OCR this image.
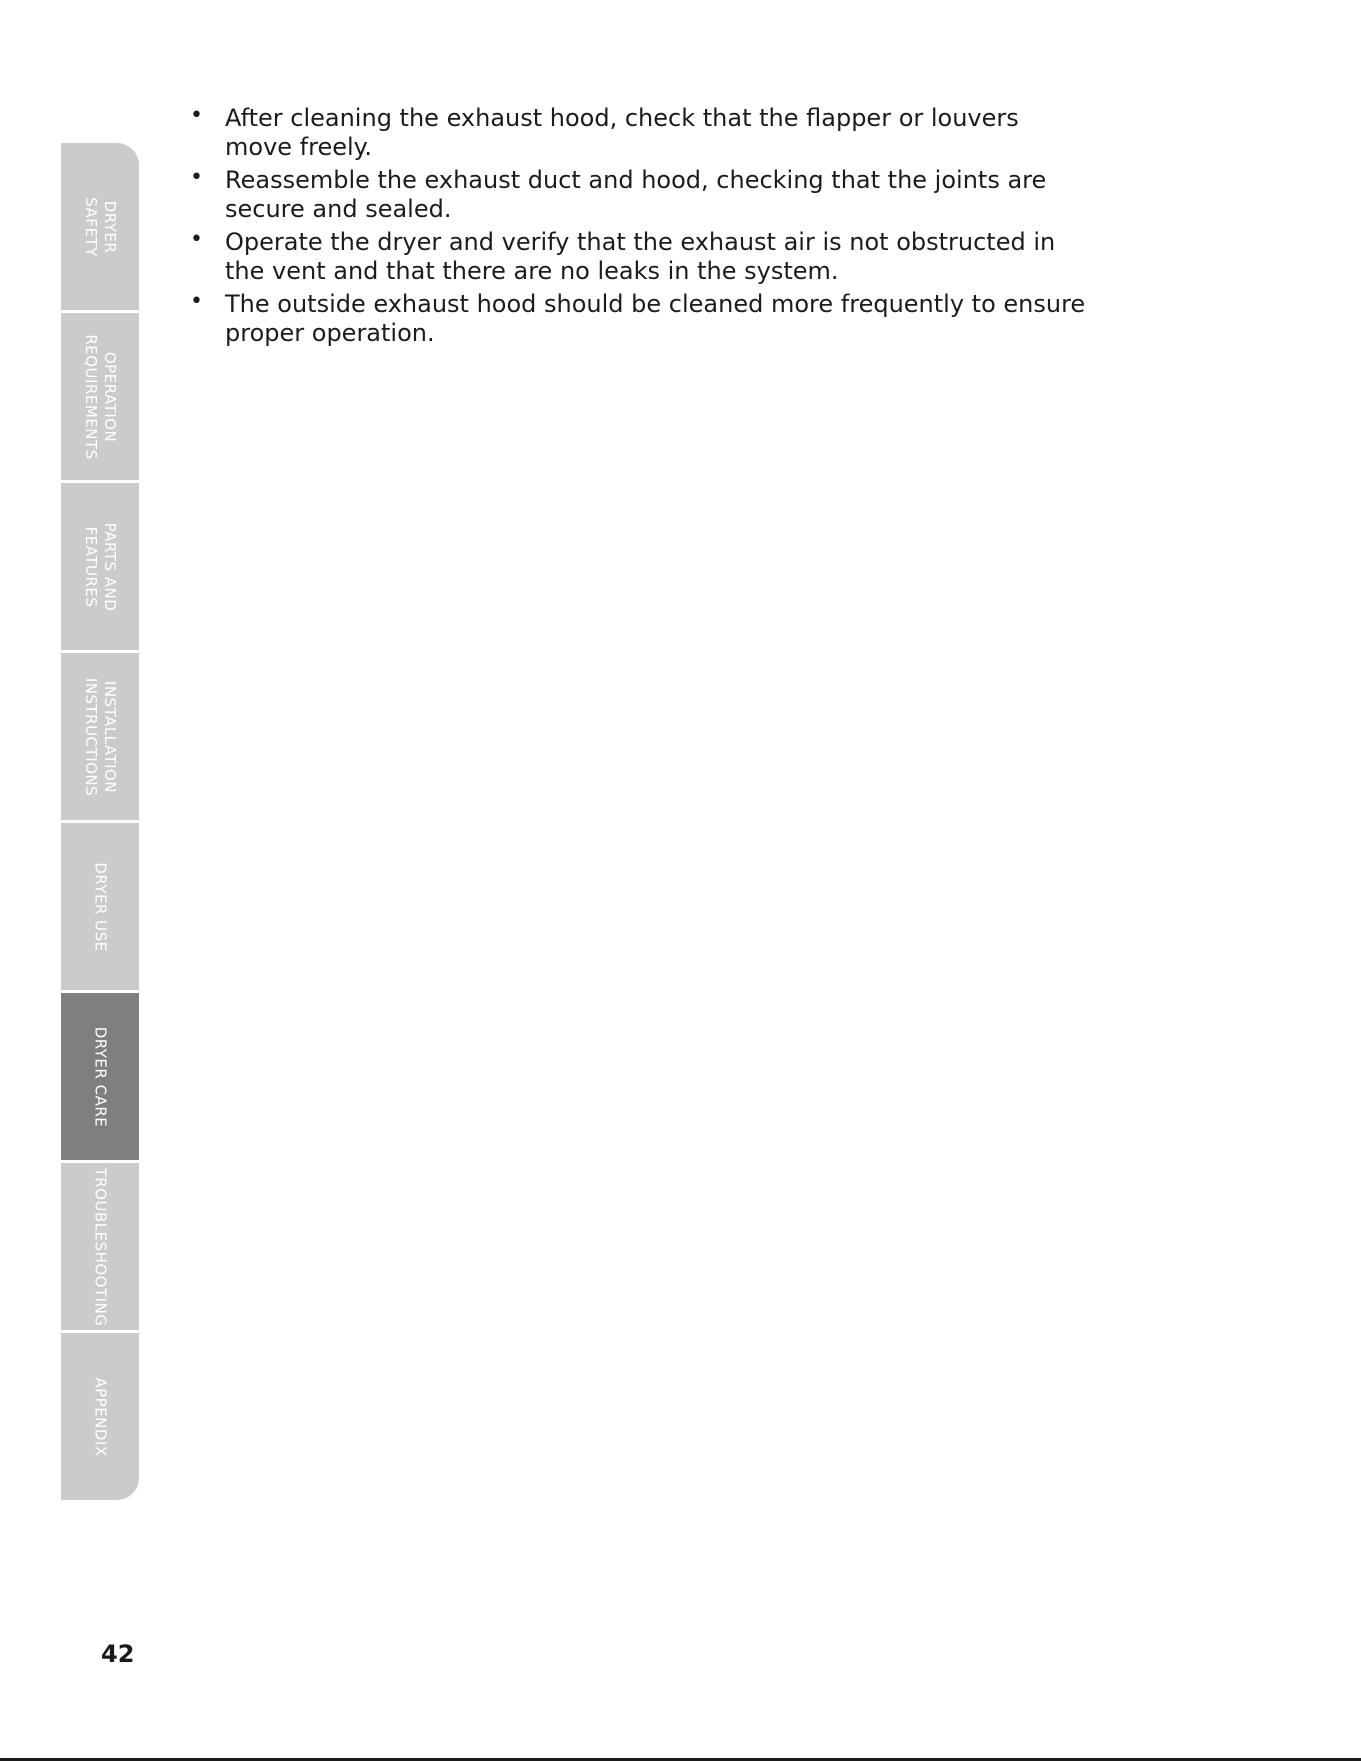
DRYER
SAFETY
OPERATION
REQUIREMENTS
PARTS AND
FEATURES
INSTALLATION
INSTRUCTIONS
DRYER USE
DRYER CARE
TROUBLESHOOTING
APPENDIX
• After cleaning the exhaust hood, check that the flapper or louvers
move freely.
• Reassemble the exhaust duct and hood, checking that the joints are
secure and sealed.
• Operate the dryer and verify that the exhaust air is not obstructed in
the vent and that there are no leaks in the system.
• The outside exhaust hood should be cleaned more frequently to ensure
proper operation.
42
